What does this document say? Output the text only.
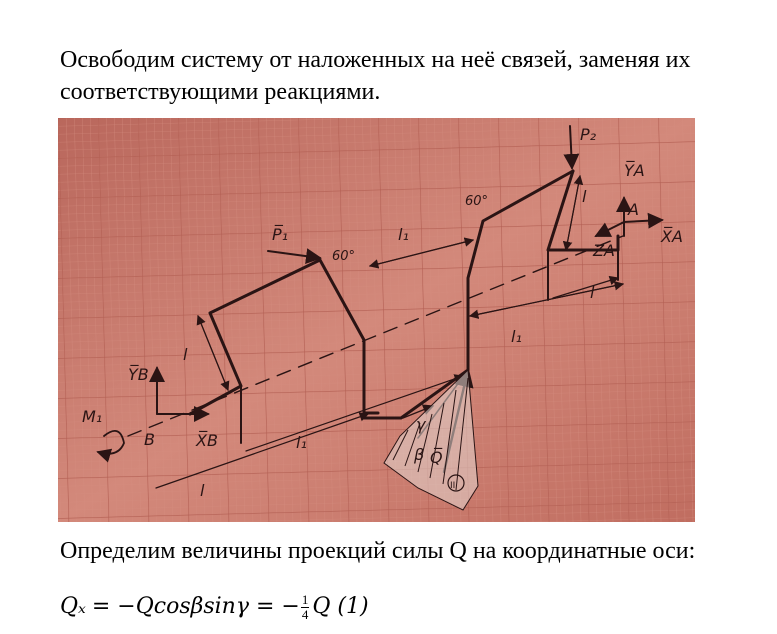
Освободим систему от наложенных на неё связей, заменяя их соответствующими реакциями.

P₂
Y̅A
A
X̅A
ZA
l
l
l₁
l₁
P̅₁
60°
60°
Y̅B
l
M₁
B	X̅B	l₁
l
γ
β Q̅
II

Определим величины проекций силы Q на координатные оси:

Qₓ = −Qcosβsinγ = − $\frac{1}{4}$ Q (1)
